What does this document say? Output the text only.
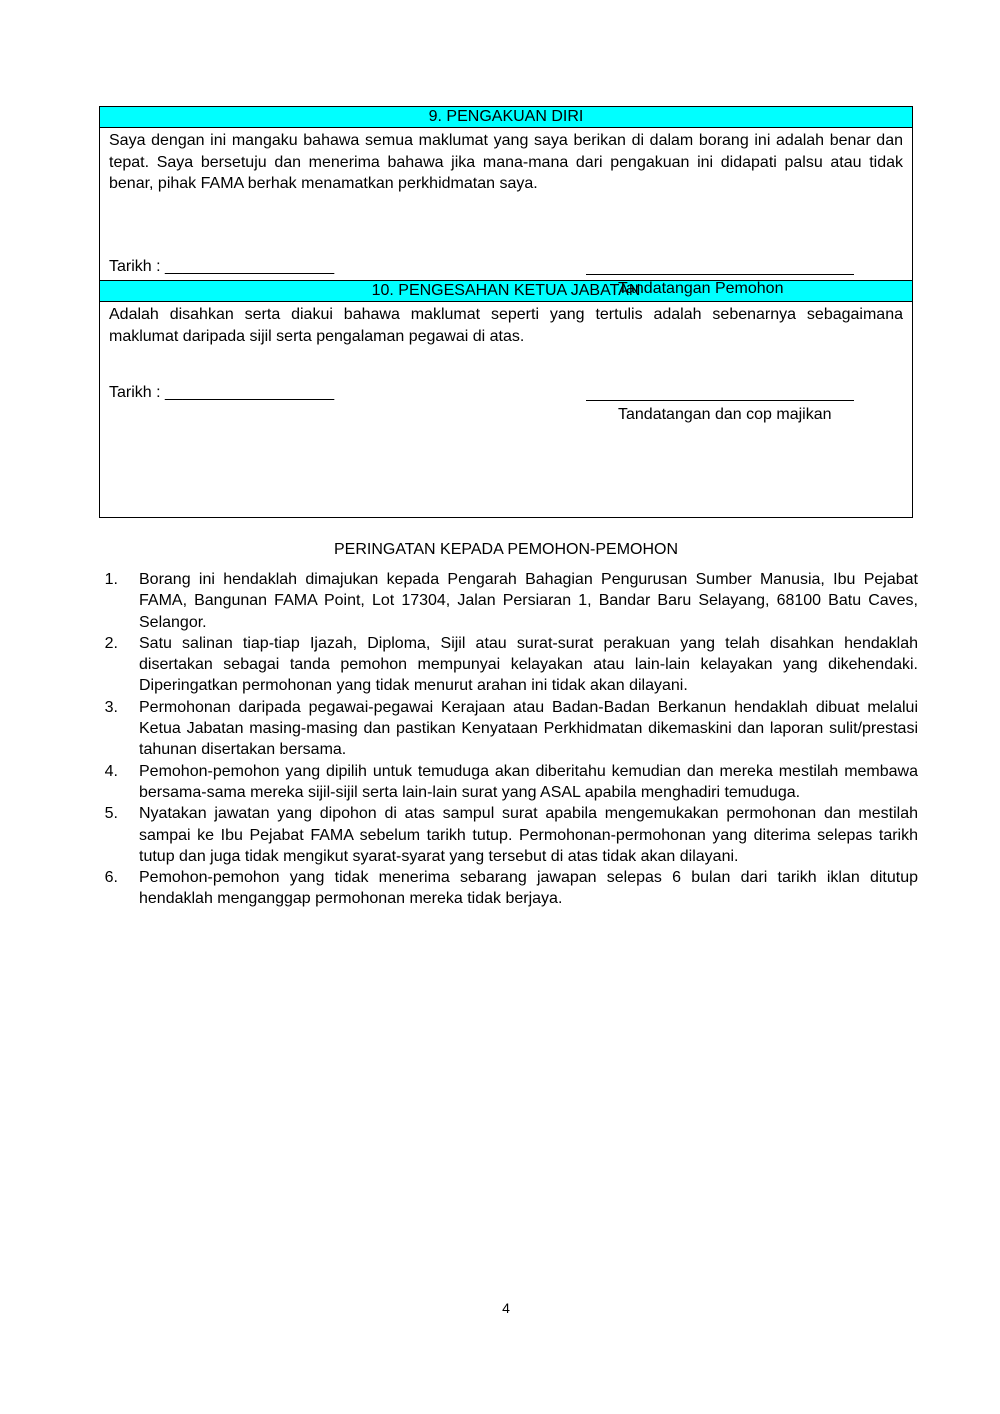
9. PENGAKUAN DIRI
Saya dengan ini mangaku bahawa semua maklumat yang saya berikan di dalam borang ini adalah benar dan tepat. Saya bersetuju dan menerima bahawa jika mana-mana dari pengakuan ini didapati palsu atau tidak benar, pihak FAMA berhak menamatkan perkhidmatan saya.
Tarikh : ___________________
Tandatangan Pemohon
10. PENGESAHAN KETUA JABATAN
Adalah disahkan serta diakui bahawa maklumat seperti yang tertulis adalah sebenarnya sebagaimana maklumat daripada sijil serta pengalaman pegawai di atas.
Tarikh : ___________________
Tandatangan dan cop majikan
PERINGATAN KEPADA PEMOHON-PEMOHON
1. Borang ini hendaklah dimajukan kepada Pengarah Bahagian Pengurusan Sumber Manusia, Ibu Pejabat FAMA, Bangunan FAMA Point, Lot 17304, Jalan Persiaran 1, Bandar Baru Selayang, 68100 Batu Caves, Selangor.
2. Satu salinan tiap-tiap Ijazah, Diploma, Sijil atau surat-surat perakuan yang telah disahkan hendaklah disertakan sebagai tanda pemohon mempunyai kelayakan atau lain-lain kelayakan yang dikehendaki. Diperingatkan permohonan yang tidak menurut arahan ini tidak akan dilayani.
3. Permohonan daripada pegawai-pegawai Kerajaan atau Badan-Badan Berkanun hendaklah dibuat melalui Ketua Jabatan masing-masing dan pastikan Kenyataan Perkhidmatan dikemaskini dan laporan sulit/prestasi tahunan disertakan bersama.
4. Pemohon-pemohon yang dipilih untuk temuduga akan diberitahu kemudian dan mereka mestilah membawa bersama-sama mereka sijil-sijil serta lain-lain surat yang ASAL apabila menghadiri temuduga.
5. Nyatakan jawatan yang dipohon di atas sampul surat apabila mengemukakan permohonan dan mestilah sampai ke Ibu Pejabat FAMA sebelum tarikh tutup. Permohonan-permohonan yang diterima selepas tarikh tutup dan juga tidak mengikut syarat-syarat yang tersebut di atas tidak akan dilayani.
6. Pemohon-pemohon yang tidak menerima sebarang jawapan selepas 6 bulan dari tarikh iklan ditutup hendaklah menganggap permohonan mereka tidak berjaya.
4
